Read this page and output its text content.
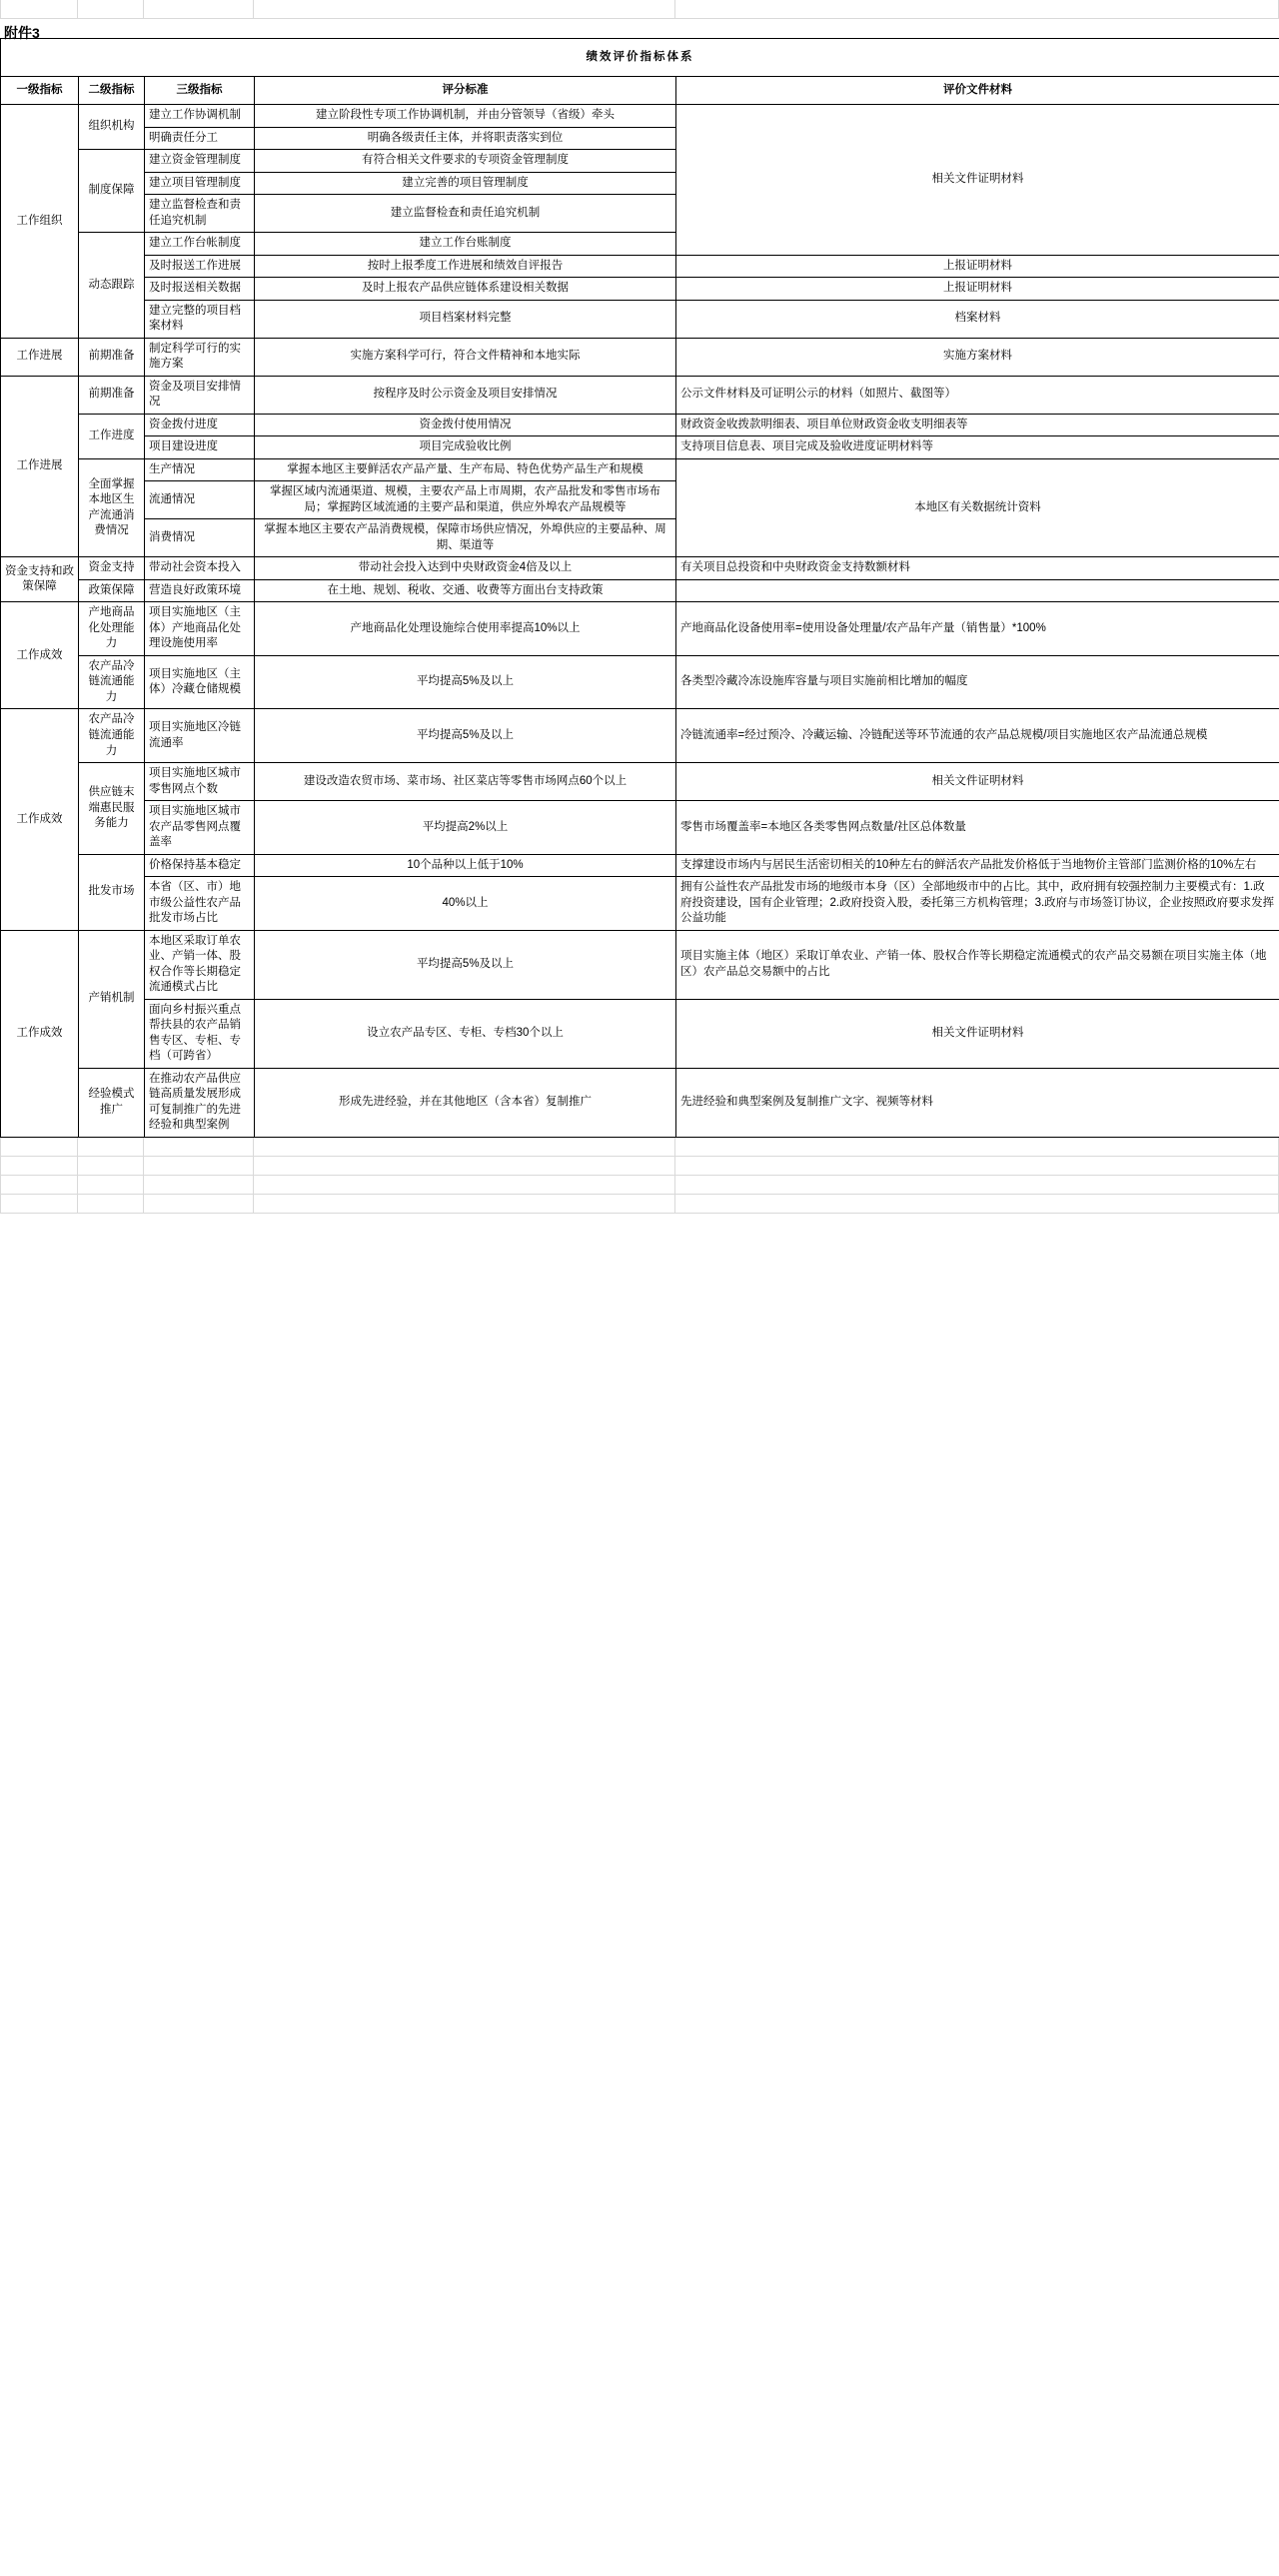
附件3
绩效评价指标体系				
一级指标	二级指标	三级指标	评分标准	评价文件材料
工作组织	组织机构	建立工作协调机制	建立阶段性专项工作协调机制，并由分管领导（省级）牵头	相关文件证明材料
		明确责任分工	明确各级责任主体，并将职责落实到位	
	制度保障	建立资金管理制度	有符合相关文件要求的专项资金管理制度	
		建立项目管理制度	建立完善的项目管理制度	
		建立监督检查和责任追究机制	建立监督检查和责任追究机制	
	动态跟踪	建立工作台帐制度	建立工作台账制度	
		及时报送工作进展	按时上报季度工作进展和绩效自评报告	上报证明材料
		及时报送相关数据	及时上报农产品供应链体系建设相关数据	上报证明材料
		建立完整的项目档案材料	项目档案材料完整	档案材料
工作进展	前期准备	制定科学可行的实施方案	实施方案科学可行，符合文件精神和本地实际	实施方案材料
工作进展	前期准备	资金及项目安排情况	按程序及时公示资金及项目安排情况	公示文件材料及可证明公示的材料（如照片、截图等）
	工作进度	资金拨付进度	资金拨付使用情况	财政资金收拨款明细表、项目单位财政资金收支明细表等
		项目建设进度	项目完成验收比例	支持项目信息表、项目完成及验收进度证明材料等
	全面掌握本地区生产流通消费情况	生产情况	掌握本地区主要鲜活农产品产量、生产布局、特色优势产品生产和规模	本地区有关数据统计资料
		流通情况	掌握区域内流通渠道、规模，主要农产品上市周期，农产品批发和零售市场布局；掌握跨区域流通的主要产品和渠道，供应外埠农产品规模等	
		消费情况	掌握本地区主要农产品消费规模，保障市场供应情况，外埠供应的主要品种、周期、渠道等	
资金支持和政策保障	资金支持	带动社会资本投入	带动社会投入达到中央财政资金4倍及以上	有关项目总投资和中央财政资金支持数额材料
	政策保障	营造良好政策环境	在土地、规划、税收、交通、收费等方面出台支持政策	
工作成效	产地商品化处理能力	项目实施地区（主体）产地商品化处理设施使用率	产地商品化处理设施综合使用率提高10%以上	产地商品化设备使用率=使用设备处理量/农产品年产量（销售量）*100%
	农产品冷链流通能力	项目实施地区（主体）冷藏仓储规模	平均提高5%及以上	各类型冷藏冷冻设施库容量与项目实施前相比增加的幅度
工作成效	农产品冷链流通能力	项目实施地区冷链流通率	平均提高5%及以上	冷链流通率=经过预冷、冷藏运输、冷链配送等环节流通的农产品总规模/项目实施地区农产品流通总规模
	供应链末端惠民服务能力	项目实施地区城市零售网点个数	建设改造农贸市场、菜市场、社区菜店等零售市场网点60个以上	相关文件证明材料
		项目实施地区城市农产品零售网点覆盖率	平均提高2%以上	零售市场覆盖率=本地区各类零售网点数量/社区总体数量
	批发市场	价格保持基本稳定	10个品种以上低于10%	支撑建设市场内与居民生活密切相关的10种左右的鲜活农产品批发价格低于当地物价主管部门监测价格的10%左右
		本省（区、市）地市级公益性农产品批发市场占比	40%以上	拥有公益性农产品批发市场的地级市本身（区）全部地级市中的占比。其中，政府拥有较强控制力主要模式有：1.政府投资建设，国有企业管理；2.政府投资入股，委托第三方机构管理；3.政府与市场签订协议，企业按照政府要求发挥公益功能
工作成效	产销机制	本地区采取订单农业、产销一体、股权合作等长期稳定流通模式占比	平均提高5%及以上	项目实施主体（地区）采取订单农业、产销一体、股权合作等长期稳定流通模式的农产品交易额在项目实施主体（地区）农产品总交易额中的占比
		面向乡村振兴重点帮扶县的农产品销售专区、专柜、专档（可跨省）	设立农产品专区、专柜、专档30个以上	相关文件证明材料
	经验模式推广	在推动农产品供应链高质量发展形成可复制推广的先进经验和典型案例	形成先进经验，并在其他地区（含本省）复制推广	先进经验和典型案例及复制推广文字、视频等材料
